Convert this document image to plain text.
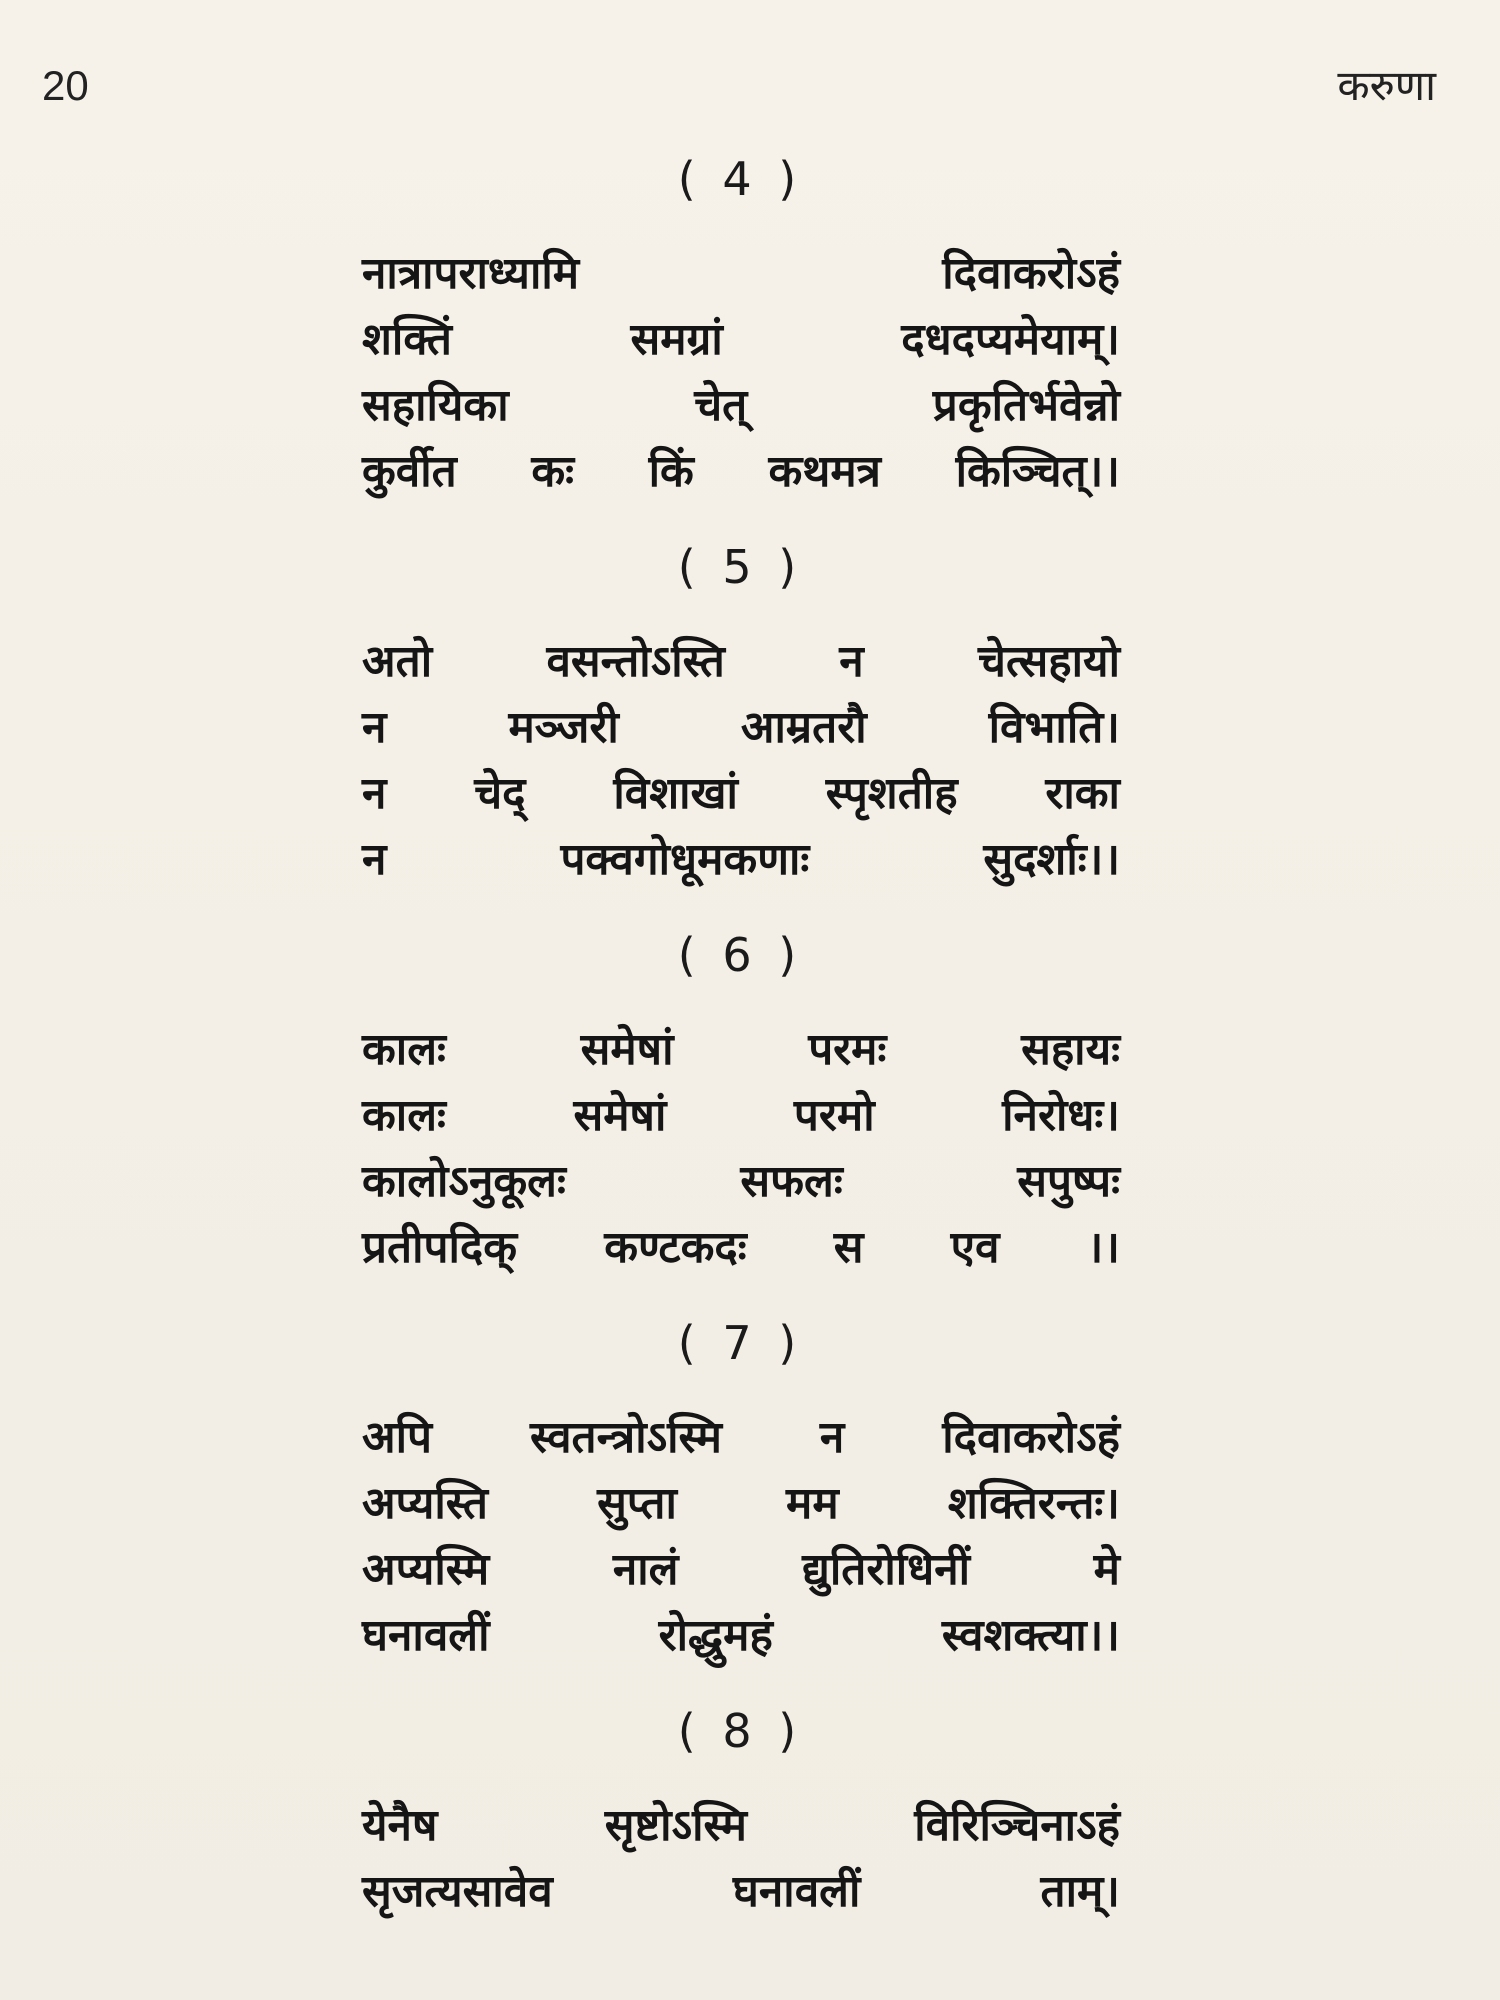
20	करुणा
( 4 )
नात्रापराध्यामि	दिवाकरोऽहं
शक्तिं	समग्रां	दधदप्यमेयाम्।
सहायिका	चेत्	प्रकृतिर्भवेन्नो
कुर्वीत कः किं कथमत्र किञ्चित्।।
( 5 )
अतो	वसन्तोऽस्ति	न	चेत्सहायो
न	मञ्जरी	आम्रतरौ	विभाति।
न चेद् विशाखां स्पृशतीह राका
न	पक्वगोधूमकणाः	सुदर्शाः।।
( 6 )
कालः	समेषां	परमः	सहायः
कालः	समेषां	परमो	निरोधः।
कालोऽनुकूलः	सफलः	सपुष्पः
प्रतीपदिक् कण्टकदः स एव ।।
( 7 )
अपि स्वतन्त्रोऽस्मि न दिवाकरोऽहं
अप्यस्ति सुप्ता मम शक्तिरन्तः।
अप्यस्मि	नालं	द्युतिरोधिनीं	मे
घनावलीं	रोद्धुमहं	स्वशक्त्या।।
( 8 )
येनैष	सृष्टोऽस्मि	विरिञ्चिनाऽहं
सृजत्यसावेव	घनावलीं	ताम्।
